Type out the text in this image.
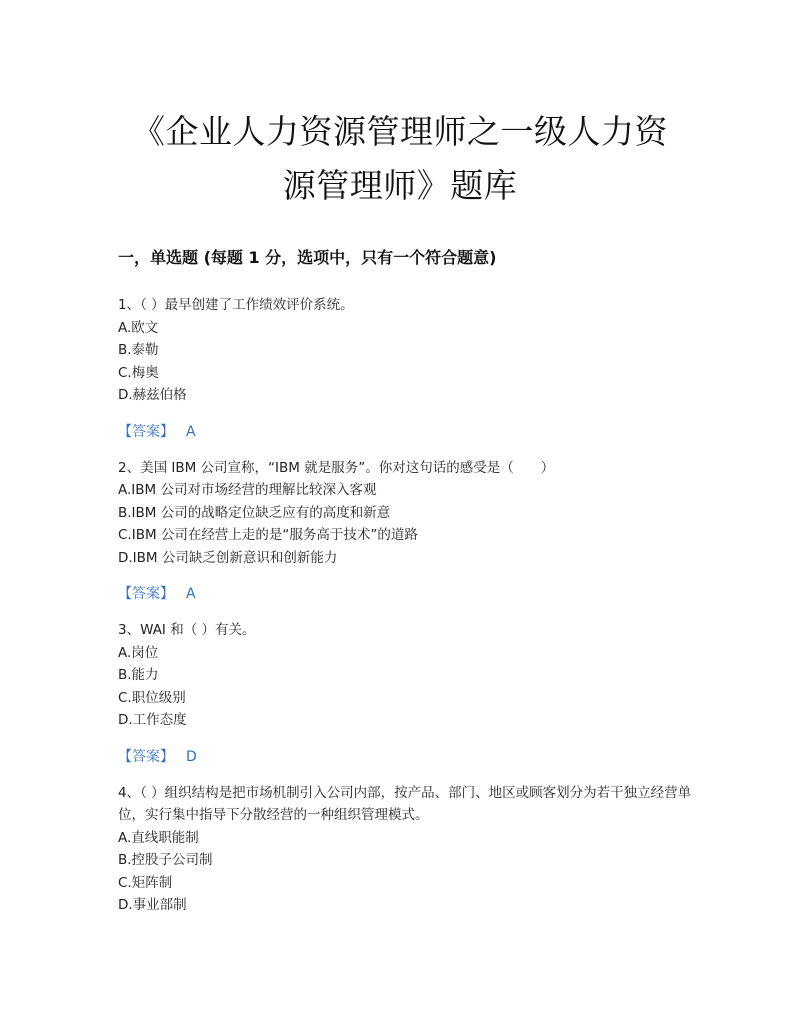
《企业人力资源管理师之一级人力资
源管理师》题库
一，单选题 (每题 1 分，选项中，只有一个符合题意)
1、（ ）最早创建了工作绩效评价系统。
A.欧文
B.泰勒
C.梅奥
D.赫兹伯格
【答案】 A
2、美国 IBM 公司宣称，“IBM 就是服务”。你对这句话的感受是（　　）
A.IBM 公司对市场经营的理解比较深入客观
B.IBM 公司的战略定位缺乏应有的高度和新意
C.IBM 公司在经营上走的是“服务高于技术”的道路
D.IBM 公司缺乏创新意识和创新能力
【答案】 A
3、WAI 和（ ）有关。
A.岗位
B.能力
C.职位级别
D.工作态度
【答案】 D
4、（ ）组织结构是把市场机制引入公司内部，按产品、部门、地区或顾客划分为若干独立经营单位，实行集中指导下分散经营的一种组织管理模式。
A.直线职能制
B.控股子公司制
C.矩阵制
D.事业部制
